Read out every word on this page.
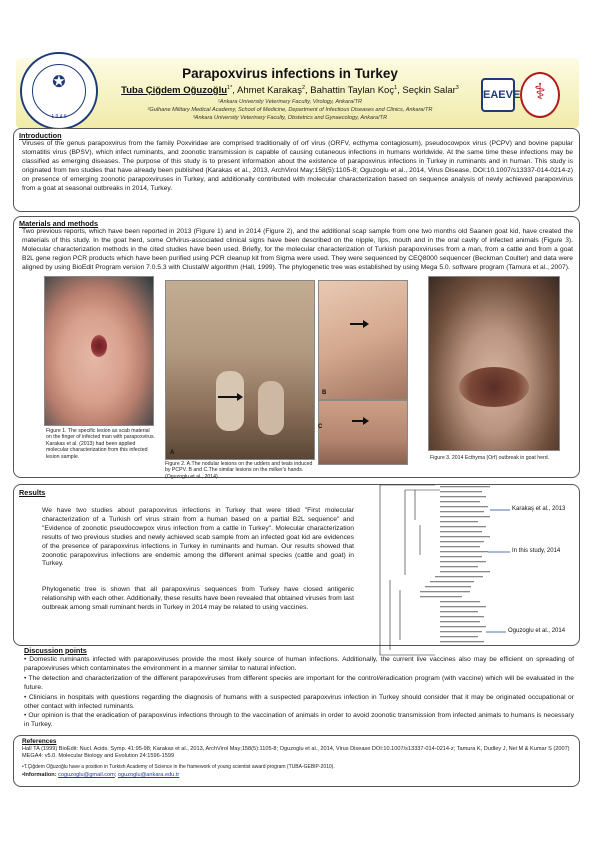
✪
1 9 4 6
EAEVE ⚕
Parapoxvirus infections in Turkey
Tuba Çiğdem Oğuzoğlu$^{1*}$, Ahmet Karakaş$^2$, Bahattin Taylan Koç$^1$, Seçkin Salar$^3$
¹Ankara University Veterinary Faculty, Virology, Ankara/TR
²Gulhane Military Medical Academy, School of Medicine, Department of Infectious Diseases and Clinics, Ankara/TR
³Ankara University Veterinary Faculty, Obstetrics and Gynaecology, Ankara/TR
Introduction
Viruses of the genus parapoxvirus from the family Poxviridae are comprised traditionally of orf virus (ORFV, ecthyma contagiosum), pseudocowpox virus (PCPV) and bovine papular stomatitis virus (BPSV), which infect ruminants, and zoonotic transmission is capable of causing cutaneous infections in humans worldwide. At the same time these infections may be classified as emerging diseases. The purpose of this study is to present information about the existence of parapoxvirus infections in Turkey in ruminants and in human. This study is originated from two studies that have already been published (Karakas et al., 2013, ArchVirol May;158(5):1105-8; Oguzoglu et al., 2014, Virus Disease, DOI:10.1007/s13337-014-0214-z) on presence of emerging zoonotic parapoxviruses in Turkey, and additionally contributed with molecular characterization based on sequence analysis of newly achieved parapoxvirus from a goat at seasonal outbreaks in 2014, Turkey.
Materials and methods
Two previous reports, which have been reported in 2013 (Figure 1) and in 2014 (Figure 2), and the additional scap sample from one two months old Saanen goat kid, have created the materials of this study. In the goat herd, some Orfvirus-associated clinical signs have been described on the nipple, lips, mouth and in the oral cavity of infected animals (Figure 3). Molecular characterization methods in the cited studies have been used. Briefly, for the molecular characterization of Turkish parapoxviruses from a man, from a cattle and from a goat B2L gene region PCR products which have been purified using PCR cleanup kit from Sigma were used. They were sequenced by CEQ8000 sequencer (Beckman Coulter) and data were aligned by using BioEdit Program version 7.0.5.3 with ClustalW algorithm (Hall, 1999). The phylogenetic tree was established by using Mega 5.0. software program (Tamura et al., 2007).
Figure 1. The specific lesion as scab material on the finger of infected man with parapoxvirus. Karakas et al. (2013) had been applied molecular characterization from this infected lesion sample.
A
B
C
Figure 2. A.The nodular lesions on the udders and teats induced by PCPV. B and C.The similar lesions on the milker's hands. (Oguzoglu et al., 2014)
Figure 3. 2014 Ecthyma (Orf) outbreak in goat herd.
Results
We have two studies about parapoxvirus infections in Turkey that were titled "First molecular characterization of a Turkish orf virus strain from a human based on a partial B2L sequence" and "Evidence of zoonotic pseudocowpox virus infection from a cattle in Turkey". Molecular characterization results of two previous studies and newly achieved scab sample from an infected goat kid are evidences of the presence of parapoxvirus infections in Turkey in ruminants and human. Our results showed that zoonotic parapoxvirus infections are endemic among the different animal species (cattle and goat) in Turkey.
Phylogenetic tree is shown that all parapoxvirus sequences from Turkey have closed antigenic relationship with each other. Additionally, these results have been revealed that obtained viruses from last outbreak among small ruminant herds in Turkey in 2014 may be related to using vaccines.
Karakaş et al., 2013
In this study, 2014
Oguzoglu et al., 2014
Discussion points
• Domestic ruminants infected with parapoxviruses provide the most likely source of human infections. Additionally, the current live vaccines also may be efficient on spreading of parapoxviruses which contaminates the environment in a manner similar to natural infection.
• The detection and characterization of the different parapoxviruses from different species are important for the control/eradication program (with vaccine) which will be evaluated in the future.
• Clinicians in hospitals with questions regarding the diagnosis of humans with a suspected parapoxvirus infection in Turkey should consider that it may be originated occupational or other contact with infected ruminants.
• Our opinion is that the eradication of parapoxvirus infections through to the vaccination of animals in order to avoid zoonotic transmission from infected animals to humans is necessary in Turkey.
References
Hall TA (1999) BioEdit: Nucl. Acids. Symp. 41:95-98; Karakas et al., 2013, ArchVirol May;158(5):1105-8; Oguzoglu et al., 2014, Virus Disease DOI:10.1007/s13337-014-0214-z; Tamura K, Dudley J, Nei M & Kumar S (2007) MEGA4: v5.0. Molecular Biology and Evolution 24:1596-1599
•T.Çiğdem Oğuzoğlu have a position in Turkish Academy of Science in the framework of young scientist award program (TUBA-GEBIP-2010).
•Information: coguzoglu@gmail.com; oguzoglu@ankara.edu.tr
